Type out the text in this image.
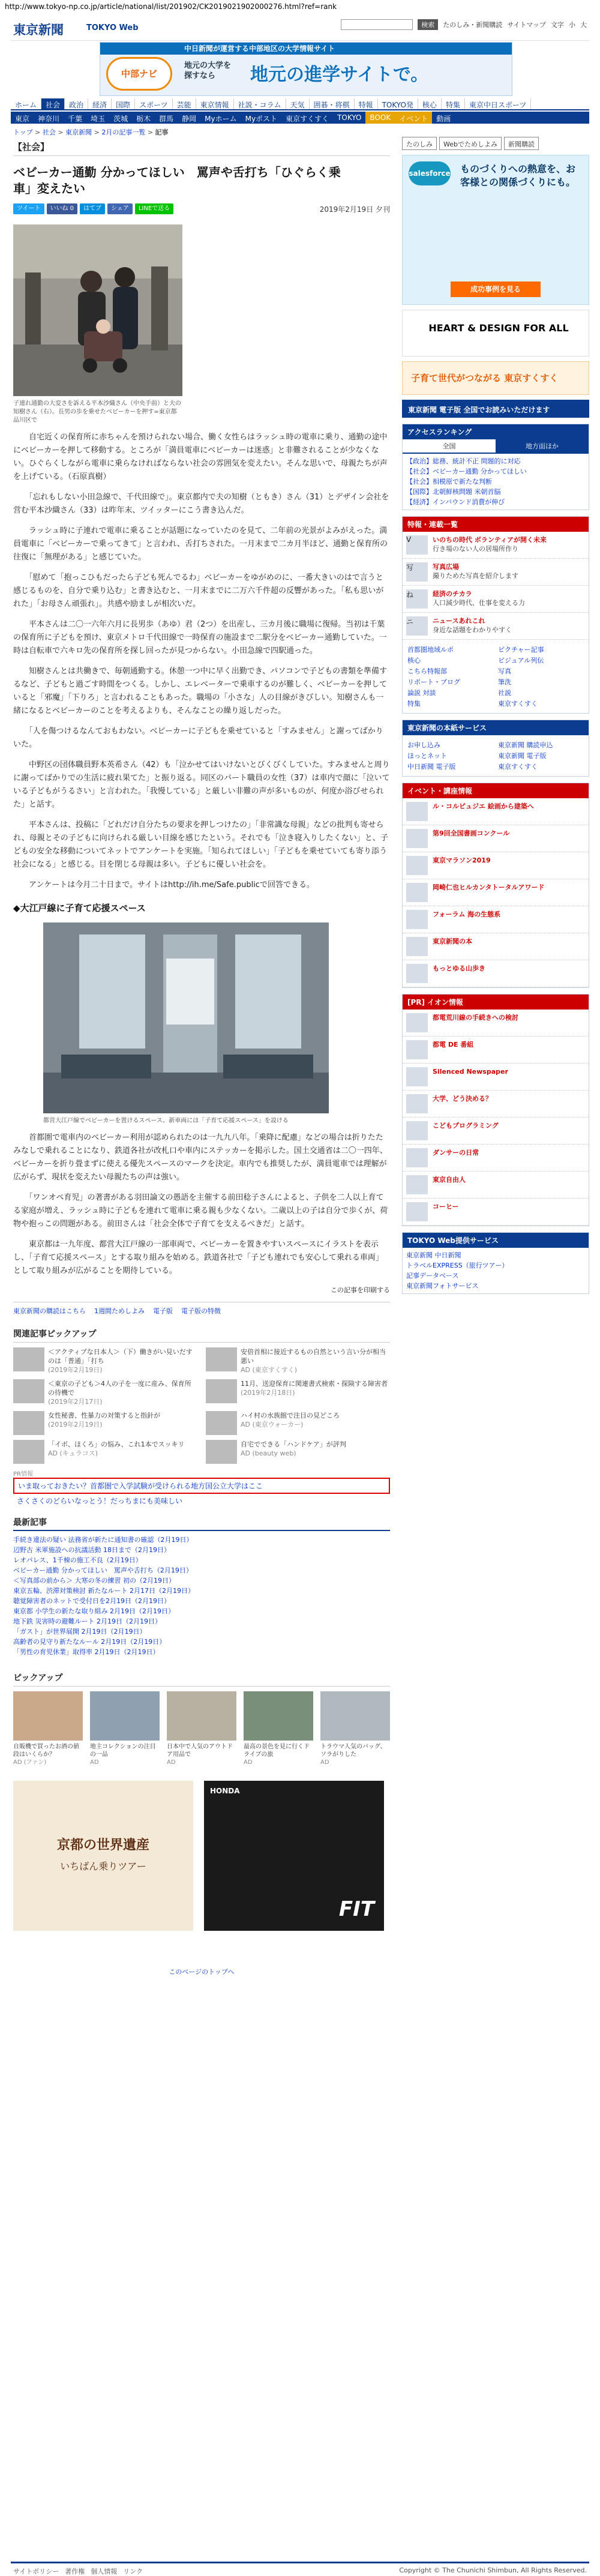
http://www.tokyo-np.co.jp/article/national/list/201902/CK2019021902000276.html?ref=rank
東京新聞	TOKYO Web	検索	たのしみ・新聞購読 サイトマップ 文字 小 大
中日新聞が運営する中部地区の大学情報サイト
中部ナビ
地元の大学を探すなら	地元の進学サイトで。
ホーム	社会	政治	経済	国際	スポーツ	芸能	東京情報	社説・コラム	天気	囲碁・将棋	特報	TOKYO発	核心	特集	東京中日スポーツ
東京	神奈川	千葉	埼玉	茨城	栃木	群馬	静岡	Myホーム	Myポスト	東京すくすく	TOKYO	BOOK	イベント	動画
トップ > 社会 > 東京新聞 > 2月の記事一覧 > 記事
【社会】
ベビーカー通勤 分かってほしい　罵声や舌打ち「ひぐらく乗車」変えたい
ツイート	いいね 0	はてブ	シェア	LINEで送る	2019年2月19日 夕刊
子連れ通勤の大変さを訴える平本沙織さん（中央手前）と夫の知樹さん（右）。長男の歩を乗せたベビーカーを押す=東京都品川区で

　自宅近くの保育所に赤ちゃんを預けられない場合、働く女性らはラッシュ時の電車に乗り、通勤の途中にベビーカーを押して移動する。ところが「満員電車にベビーカーは迷惑」と非難されることが少なくない。ひぐらくしながら電車に乗らなければならない社会の雰囲気を変えたい。そんな思いで、母親たちが声を上げている。（石原真樹）

　「忘れもしない小田急線で、千代田線で」。東京都内で夫の知樹（ともき）さん（31）とデザイン会社を営む平本沙織さん（33）は昨年末、ツイッターにこう書き込んだ。

　ラッシュ時に子連れで電車に乗ることが話題になっていたのを見て、二年前の光景がよみがえった。満員電車に「ベビーカーで乗ってきて」と言われ、舌打ちされた。一月末まで二カ月半ほど、通勤と保育所の往復に「無理がある」と感じていた。

　「慰めて「抱っこひもだったら子ども死んでるわ」ベビーカーをゆがめのに、一番大きいのはで言うと感じるものを、自分で乗り込む」と書き込むと、一月末までに二万六千件超の反響があった。「私も思いがれた」「お母さん頑張れ」。共感や励ましが相次いだ。

　平本さんは二〇一六年六月に長男歩（あゆ）君（2つ）を出産し、三カ月後に職場に復帰。当初は千葉の保育所に子どもを預け、東京メトロ千代田線で一時保育の施設まで二駅分をベビーカー通勤していた。一時は自転車で六キロ先の保育所を探し回ったが見つからない。小田急線で四駅通った。

　知樹さんとは共働きで、毎朝通勤する。休憩一つ中に早く出勤でき、パソコンで子どもの書類を準備するなど、子どもと過ごす時間をつくる。しかし、エレベーターで乗車するのが難しく、ベビーカーを押していると「邪魔」「下りろ」と言われることもあった。職場の「小さな」人の目線がきびしい。知樹さんも一緒になるとベビーカーのことを考えるよりも、そんなことの繰り返しだった。

　「人を傷つけるなんておもわない。ベビーカーに子どもを乗せていると「すみません」と謝ってばかりいた。

　中野区の団体職員野本英希さん（42）も「泣かせてはいけないとびくびくしていた。すみませんと周りに謝ってばかりでの生活に疲れ果てた」と振り返る。同区のパート職員の女性（37）は車内で顔に「泣いている子どもがうるさい」と言われた。「我慢している」と厳しい非難の声が多いものが、何度か浴びせられた」と話す。

　平本さんは、投稿に「どれだけ自分たちの要求を押しつけたの」「非常識な母親」などの批判も寄せられ、母親とその子どもに向けられる厳しい目線を感じたという。それでも「泣き寝入りしたくない」と、子どもの安全な移動についてネットでアンケートを実施。「知られてほしい」「子どもを乗せていても寄り添う社会になる」と感じる。目を閉じる母親は多い。子どもに優しい社会を。

　アンケートは今月二十日まで。サイトはhttp://ih.me/Safe.publicで回答できる。

◆大江戸線に子育て応援スペース
都営大江戸線でベビーカーを置けるスペース。新車両には「子育て応援スペース」を設ける

　首都圏で電車内のベビーカー利用が認められたのは一九九八年。「乗降に配慮」などの場合は折りたたみなしで乗れることになり、鉄道各社が改札口や車内にステッカーを掲示した。国土交通省は二〇一四年、ベビーカーを折り畳まずに使える優先スペースのマークを決定。車内でも推奨したが、満員電車では理解が広がらず、現状を変えたい母親たちの声は強い。

　「ワンオペ育児」の著書がある羽田論文の愚語を主催する前田稔子さんによると、子供を二人以上育てる家庭が増え、ラッシュ時に子どもを連れて電車に乗る親も少なくない。二歳以上の子は自分で歩くが、荷物や抱っこの問題がある。前田さんは「社会全体で子育てを支えるべきだ」と話す。

　東京都は一九年度、都営大江戸線の一部車両で、ベビーカーを置きやすいスペースにイラストを表示し、「子育て応援スペース」とする取り組みを始める。鉄道各社で「子ども連れでも安心して乗れる車両」として取り組みが広がることを期待している。

この記事を印刷する
東京新聞の購読はこちら 1週間ためしよみ 電子版 電子版の特徴
関連記事ピックアップ
＜アクティブな日本人＞（下）働きがい見いだすのは「普通」「打ち
(2019年2月19日)
安倍首相に接近するもの自然という言い分が相当悪い
AD (東京すくすく)
＜東京の子ども＞4人の子を一度に産み、保育所の待機で
(2019年2月17日)
11月、送迎保育に関連書式検索・探険する障害者
(2019年2月18日)
女性秘書、性暴力の対策すると指針が
(2019年2月19日)
ハイ村の水族館で注目の見どころ
AD (東京ウォーカー)
「イボ、ほくろ」の悩み、これ1本でスッキリ
AD (キュラコス)
自宅でできる「ハンドケア」が評判
AD (beauty web)
PR情報
いま取っておきたい？首都圏で入学試験が受けられる地方国公立大学はここ
さくさくのどらいなっとう！だっちまにも美味しい
最新記事
手続き違法の疑い 法務省が新たに通知書の確認（2月19日）
辺野古 米軍施設への抗議活動 18日まで（2月19日）
レオパレス、1千棟の施工不良（2月19日）
ベビーカー通勤 分かってほしい　罵声や舌打ち（2月19日）
＜写真部の前から＞ 大寒の冬の練習 初の（2月19日）
東京五輪、渋滞対策検討 新たなルート 2月17日（2月19日）
聴覚障害者のネットで受付日を2月19日（2月19日）
東京都 小学生の新たな取り組み 2月19日（2月19日）
地下鉄 災害時の避難ルート 2月19日（2月19日）
「ガスト」が世界展開 2月19日（2月19日）
高齢者の見守り新たなルール 2月19日（2月19日）
「男性の育児休業」取得率 2月19日（2月19日）
ピックアップ
自販機で買ったお酒の値段はいくらか？
AD (ファン)
地主コレクションの注目の一品
AD
日本中で人気のアウトドア用品で
AD
最高の景色を見に行くドライブの旅
AD
トラウマ人気のバッグ、ソラがりした
AD
京都の世界遺産
いちばん乗りツアー
HONDA
FIT
このページのトップへ
たのしみ	Webでためしよみ	新聞購読
salesforce ものづくりへの熱意を、お客様との関係づくりにも。
成功事例を見る
HEART & DESIGN FOR ALL
子育て世代がつながる 東京すくすく
東京新聞 電子版 全国でお読みいただけます
アクセスランキング
全国	地方面ほか
【政治】総務、統計不正 問題的に対応
【社会】ベビーカー通勤 分かってほしい
【社会】相模原で新たな判断
【国際】北朝鮮核問題 米朝首脳
【経済】インバウンド消費が伸び
特報・連載一覧
V	いのちの時代 ボランティアが開く未来
行き場のない人の居場所作り
写	写真広場
撮りためた写真を紹介します
ね	経済のチカラ
人口減少時代、仕事を変える力
ニ	ニュースあれこれ
身近な話題をわかりやすく
首都圏地域ルポ	ピクチャー記事
核心	ビジュアル列伝
こちら特報部	写真
リポート・ブログ	筆洗
論説 対談	社説
特集	東京すくすく
東京新聞の本紙サービス
お申し込み	東京新聞 購読申込
ほっとネット	東京新聞 電子版
中日新聞 電子版	東京すくすく
イベント・講座情報
ル・コルビュジエ 絵画から建築へ
第9回全国書画コンクール
東京マラソン2019
岡崎仁也ヒルカンタトータルアワード
フォーラム 海の生態系
東京新聞の本
もっとゆる山歩き
[PR] イオン情報
都電荒川線の手続きへの検討
都電 DE 番組
Silenced Newspaper
大学、どう決める？
こどもプログラミング
ダンサーの日常
東京自由人
コーヒー
TOKYO Web提供サービス
東京新聞 中日新聞
トラベルEXPRESS（旅行ツアー）
記事データベース
東京新聞フォトサービス
サイトポリシー 著作権 個人情報 リンク	Copyright © The Chunichi Shimbun, All Rights Reserved.
